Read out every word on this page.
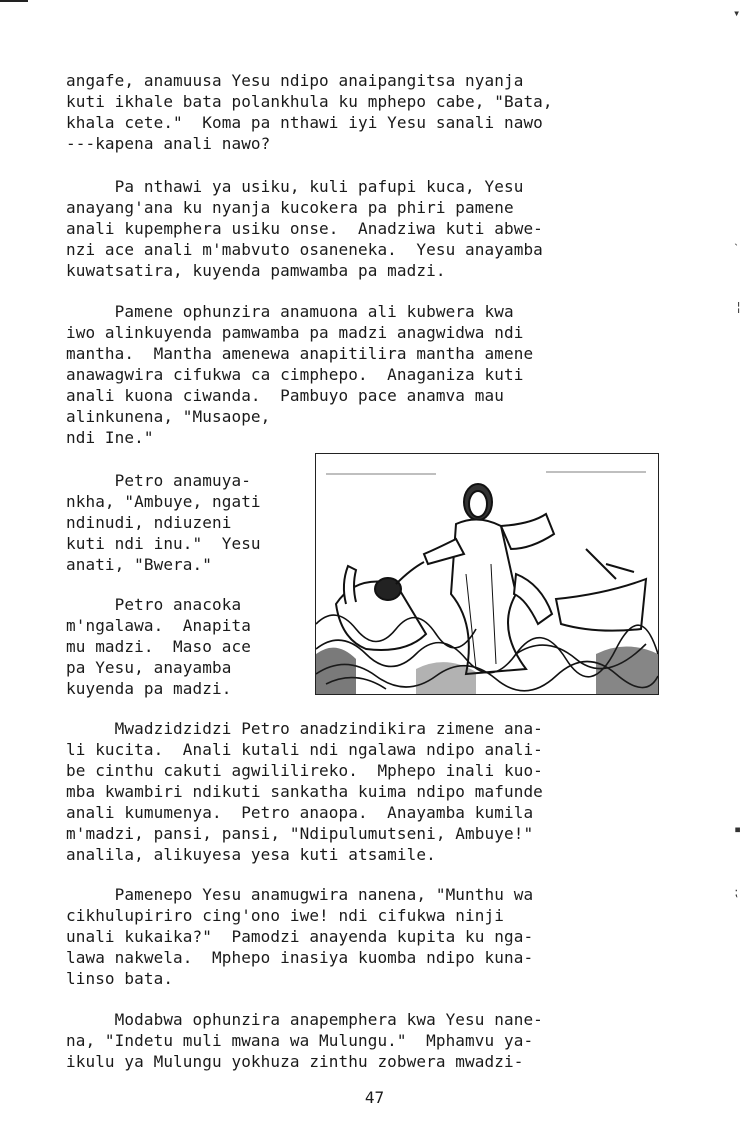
▾
˴
¦
▪
⁏

angafe, anamuusa Yesu ndipo anaipangitsa nyanja

kuti ikhale bata polankhula ku mphepo cabe, "Bata,

khala cete."  Koma pa nthawi iyi Yesu sanali nawo

---kapena anali nawo?

Pa nthawi ya usiku, kuli pafupi kuca, Yesu

anayang'ana ku nyanja kucokera pa phiri pamene

anali kupemphera usiku onse.  Anadziwa kuti abwe-

nzi ace anali m'mabvuto osaneneka.  Yesu anayamba

kuwatsatira, kuyenda pamwamba pa madzi.

Pamene ophunzira anamuona ali kubwera kwa

iwo alinkuyenda pamwamba pa madzi anagwidwa ndi

mantha.  Mantha amenewa anapitilira mantha amene

anawagwira cifukwa ca cimphepo.  Anaganiza kuti

anali kuona ciwanda.  Pambuyo pace anamva mau

alinkunena, "Musaope,

ndi Ine."

Petro anamuya-

nkha, "Ambuye, ngati

ndinudi, ndiuzeni

kuti ndi inu."  Yesu

anati, "Bwera."

Petro anacoka

m'ngalawa.  Anapita

mu madzi.  Maso ace

pa Yesu, anayamba

kuyenda pa madzi.

Mwadzidzidzi Petro anadzindikira zimene ana-

li kucita.  Anali kutali ndi ngalawa ndipo anali-

be cinthu cakuti agwililireko.  Mphepo inali kuo-

mba kwambiri ndikuti sankatha kuima ndipo mafunde

anali kumumenya.  Petro anaopa.  Anayamba kumila

m'madzi, pansi, pansi, "Ndipulumutseni, Ambuye!"

analila, alikuyesa yesa kuti atsamile.

Pamenepo Yesu anamugwira nanena, "Munthu wa

cikhulupiriro cing'ono iwe! ndi cifukwa ninji

unali kukaika?"  Pamodzi anayenda kupita ku nga-

lawa nakwela.  Mphepo inasiya kuomba ndipo kuna-

linso bata.

Modabwa ophunzira anapemphera kwa Yesu nane-

na, "Indetu muli mwana wa Mulungu."  Mphamvu ya-

ikulu ya Mulungu yokhuza zinthu zobwera mwadzi-

47
